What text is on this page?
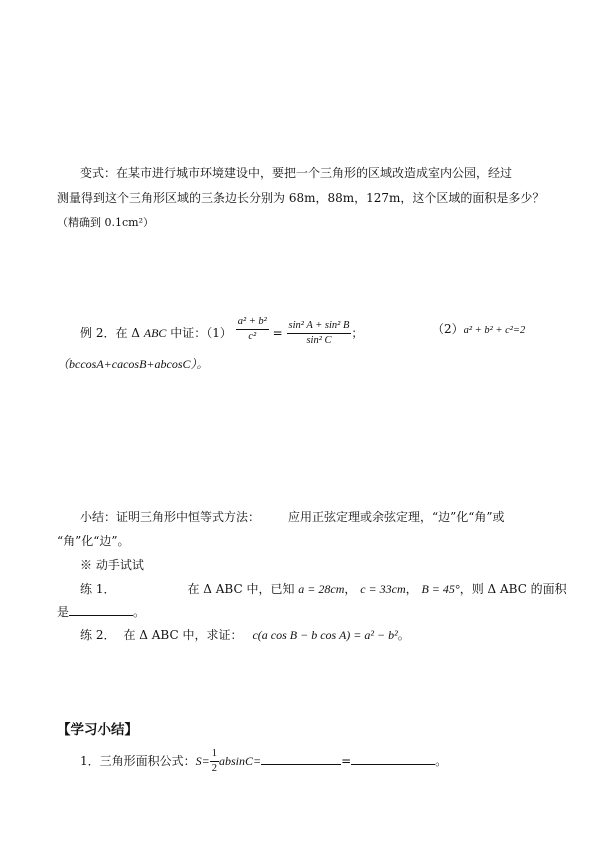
变式：在某市进行城市环境建设中，要把一个三角形的区域改造成室内公园，经过
测量得到这个三角形区域的三条边长分别为 68m，88m，127m，这个区域的面积是多少？
（精确到 0.1cm²）
例 2．在 Δ ABC 中证：$(1) \frac{\text{a² + b²}}{\text{c²}} = \frac{\text{sin² A + sin² B}}{\text{sin² C}}$ ；	（2）a² + b² + c²=2
（bccosA+cacosB+abcosC）。
小结：证明三角形中恒等式方法： 应用正弦定理或余弦定理，“边”化“角”或
“角”化“边”。
※ 动手试试
练 1．	在 Δ ABC 中，已知 a = 28cm， c = 33cm， B = 45°，则 Δ ABC 的面积
是	。
练 2． 在 Δ ABC 中，求证： c(a cos B − b cos A) = a² − b²。
【学习小结】
1．三角形面积公式：$S= \frac{1}{2} absinC=$	=	。
